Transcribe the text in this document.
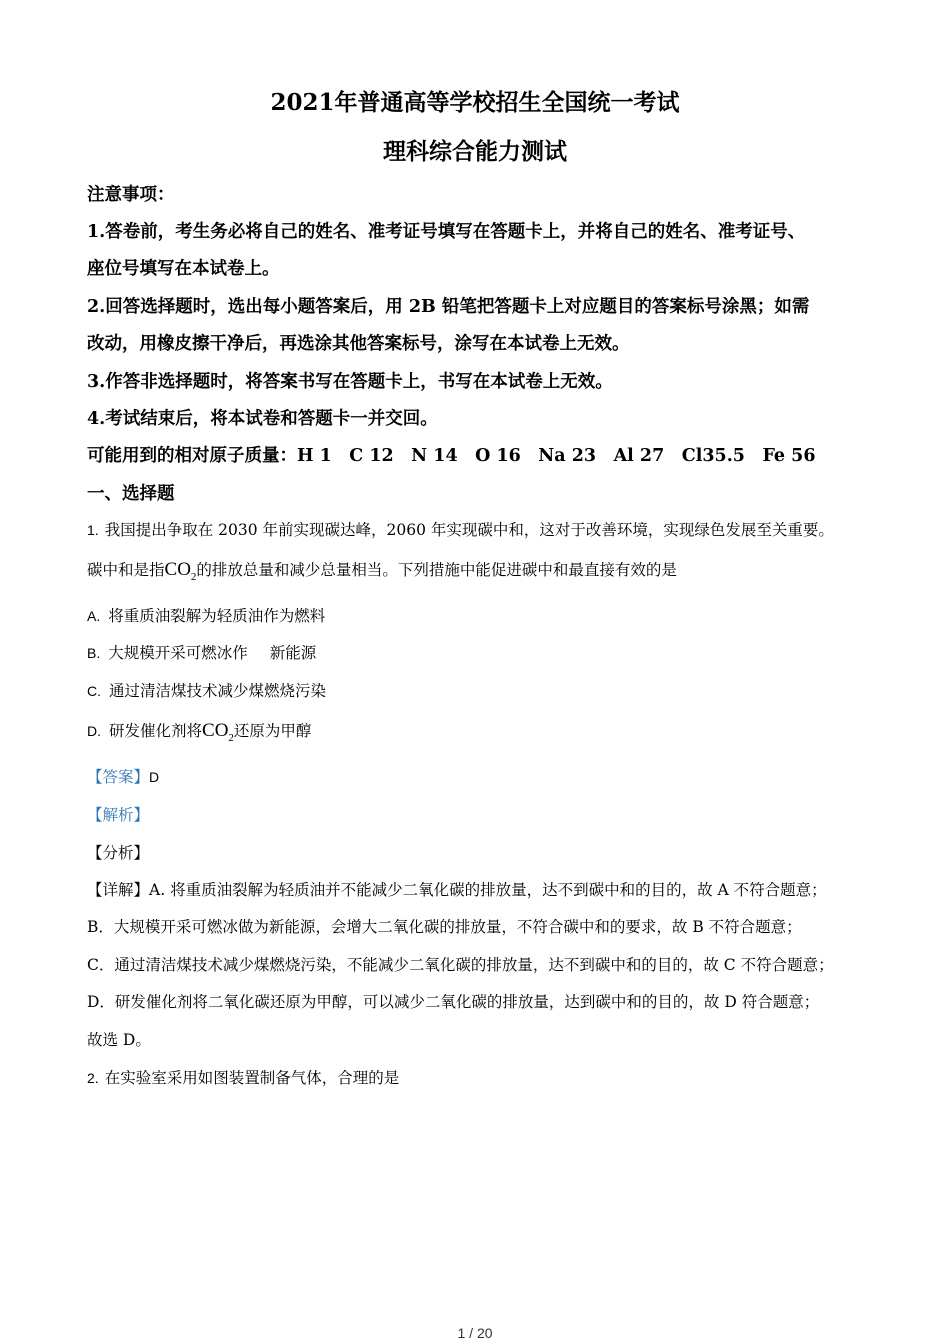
2021年普通高等学校招生全国统一考试
理科综合能力测试
注意事项：
1.答卷前，考生务必将自己的姓名、准考证号填写在答题卡上，并将自己的姓名、准考证号、
座位号填写在本试卷上。
2.回答选择题时，选出每小题答案后，用 2B 铅笔把答题卡上对应题目的答案标号涂黑；如需
改动，用橡皮擦干净后，再选涂其他答案标号，涂写在本试卷上无效。
3.作答非选择题时，将答案书写在答题卡上，书写在本试卷上无效。
4.考试结束后，将本试卷和答题卡一并交回。
可能用到的相对原子质量：H 1　C 12　N 14　O 16　Na 23　Al 27　Cl35.5　Fe 56
一、选择题
1. 我国提出争取在 2030 年前实现碳达峰，2060 年实现碳中和，这对于改善环境，实现绿色发展至关重要。
碳中和是指$CO_2$的排放总量和减少总量相当。下列措施中能促进碳中和最直接有效的是
A. 将重质油裂解为轻质油作为燃料
B. 大规模开采可燃冰作 新能源
C. 通过清洁煤技术减少煤燃烧污染
D. 研发催化剂将$CO_2$还原为甲醇
【答案】D
【解析】
【分析】
【详解】A. 将重质油裂解为轻质油并不能减少二氧化碳的排放量，达不到碳中和的目的，故 A 不符合题意；
B．大规模开采可燃冰做为新能源，会增大二氧化碳的排放量，不符合碳中和的要求，故 B 不符合题意；
C．通过清洁煤技术减少煤燃烧污染，不能减少二氧化碳的排放量，达不到碳中和的目的，故 C 不符合题意；
D．研发催化剂将二氧化碳还原为甲醇，可以减少二氧化碳的排放量，达到碳中和的目的，故 D 符合题意；
故选 D。
2. 在实验室采用如图装置制备气体，合理的是
1 / 20
